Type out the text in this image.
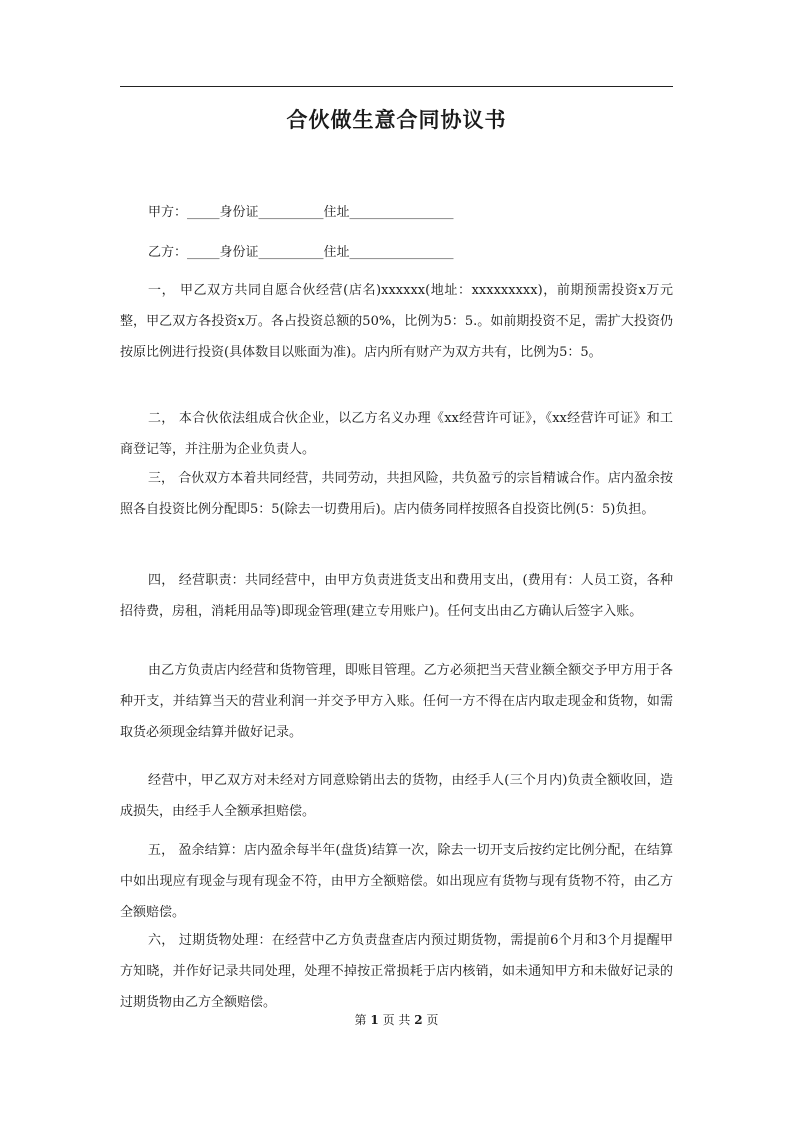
合伙做生意合同协议书
甲方：_____身份证__________住址________________
乙方：_____身份证__________住址________________

一， 甲乙双方共同自愿合伙经营(店名)xxxxxx(地址：xxxxxxxxx)，前期预需投资x万元整，甲乙双方各投资x万。各占投资总额的50%，比例为5：5.。如前期投资不足，需扩大投资仍按原比例进行投资(具体数目以账面为准)。店内所有财产为双方共有，比例为5：5。

二， 本合伙依法组成合伙企业，以乙方名义办理《xx经营许可证》，《xx经营许可证》和工商登记等，并注册为企业负责人。

三， 合伙双方本着共同经营，共同劳动，共担风险，共负盈亏的宗旨精诚合作。店内盈余按照各自投资比例分配即5：5(除去一切费用后)。店内债务同样按照各自投资比例(5：5)负担。

四， 经营职责：共同经营中，由甲方负责进货支出和费用支出，(费用有：人员工资，各种招待费，房租，消耗用品等)即现金管理(建立专用账户)。任何支出由乙方确认后签字入账。

由乙方负责店内经营和货物管理，即账目管理。乙方必须把当天营业额全额交予甲方用于各种开支，并结算当天的营业利润一并交予甲方入账。任何一方不得在店内取走现金和货物，如需取货必须现金结算并做好记录。

经营中，甲乙双方对未经对方同意赊销出去的货物，由经手人(三个月内)负责全额收回，造成损失，由经手人全额承担赔偿。

五， 盈余结算：店内盈余每半年(盘货)结算一次，除去一切开支后按约定比例分配，在结算中如出现应有现金与现有现金不符，由甲方全额赔偿。如出现应有货物与现有货物不符，由乙方全额赔偿。

六， 过期货物处理：在经营中乙方负责盘查店内预过期货物，需提前6个月和3个月提醒甲方知晓，并作好记录共同处理，处理不掉按正常损耗于店内核销，如未通知甲方和未做好记录的过期货物由乙方全额赔偿。

第 1 页 共 2 页
